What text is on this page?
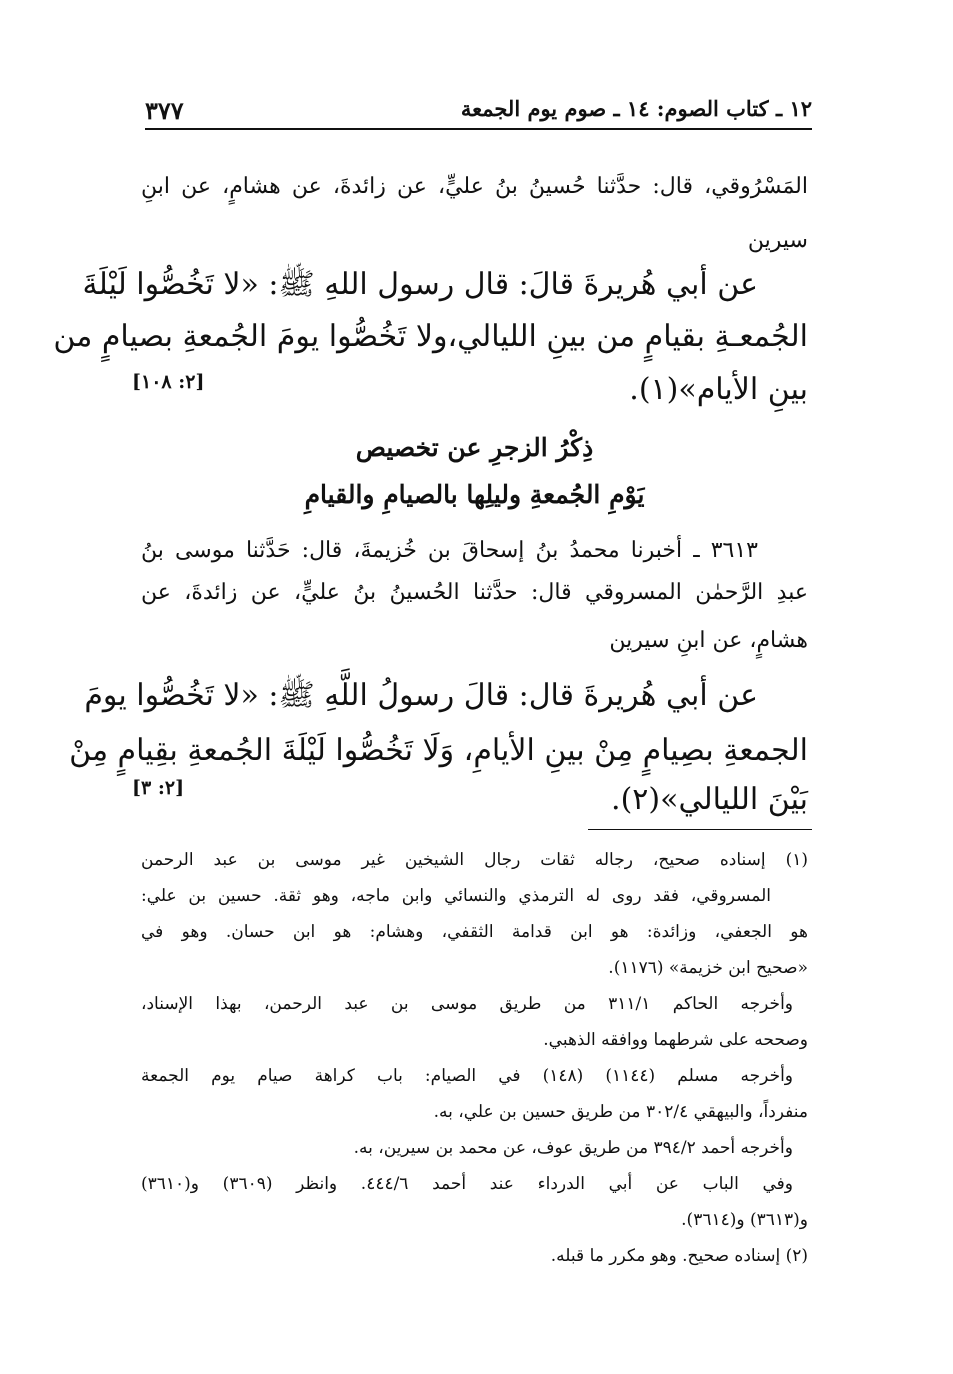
١٢ ـ كتاب الصوم: ١٤ ـ صوم يوم الجمعة
٣٧٧
المَسْرُوقي، قال: حدَّثنا حُسينُ بنُ عليٍّ، عن زائدةَ، عن هشامٍ، عن ابنِ
سيرين
عن أبي هُريرةَ قالَ: قال رسول اللهِ ﷺ: «لا تَخُصُّوا لَيْلَةَ
الجُمعـةِ بقيامٍ من بينِ الليالي،ولا تَخُصُّوا يومَ الجُمعةِ بصيامٍ من
بينِ الأيام»(١).
[٢: ١٠٨]
ذِكْرُ الزجرِ عن تخصيص
يَوْمِ الجُمعةِ وليلِها بالصيامِ والقيامِ
٣٦١٣ ـ أخبرنا محمدُ بنُ إسحاقَ بن خُزيمةَ، قال: حَدَّثنا موسى بنُ
عبدِ الرَّحمٰن المسروقي قال: حدَّثنا الحُسينُ بنُ عليٍّ، عن زائدةَ، عن
هشامٍ، عن ابنِ سيرين
عن أبي هُريرةَ قال: قالَ رسولُ اللَّهِ ﷺ: «لا تَخُصُّوا يومَ
الجمعةِ بصِيامٍ مِنْ بينِ الأيامِ، وَلَا تَخُصُّوا لَيْلَةَ الجُمعةِ بقِيامٍ مِنْ
بَيْنَ الليالي»(٢).
[٢: ٣]
(١) إسناده صحيح، رجاله ثقات رجال الشيخين غير موسى بن عبد الرحمن
المسروقي، فقد روى له الترمذي والنسائي وابن ماجه، وهو ثقة. حسين بن علي:
هو الجعفي، وزائدة: هو ابن قدامة الثقفي، وهشام: هو ابن حسان. وهو في
«صحيح ابن خزيمة» (١١٧٦).
وأخرجه الحاكم ٣١١/١ من طريق موسى بن عبد الرحمن، بهذا الإسناد،
وصححه على شرطهما ووافقه الذهبي.
وأخرجه مسلم (١١٤٤) (١٤٨) في الصيام: باب كراهة صيام يوم الجمعة
منفرداً، والبيهقي ٣٠٢/٤ من طريق حسين بن علي، به.
وأخرجه أحمد ٣٩٤/٢ من طريق عوف، عن محمد بن سيرين، به.
وفي الباب عن أبي الدرداء عند أحمد ٤٤٤/٦. وانظر (٣٦٠٩) و(٣٦١٠)
و(٣٦١٣) و(٣٦١٤).
(٢) إسناده صحيح. وهو مكرر ما قبله.
